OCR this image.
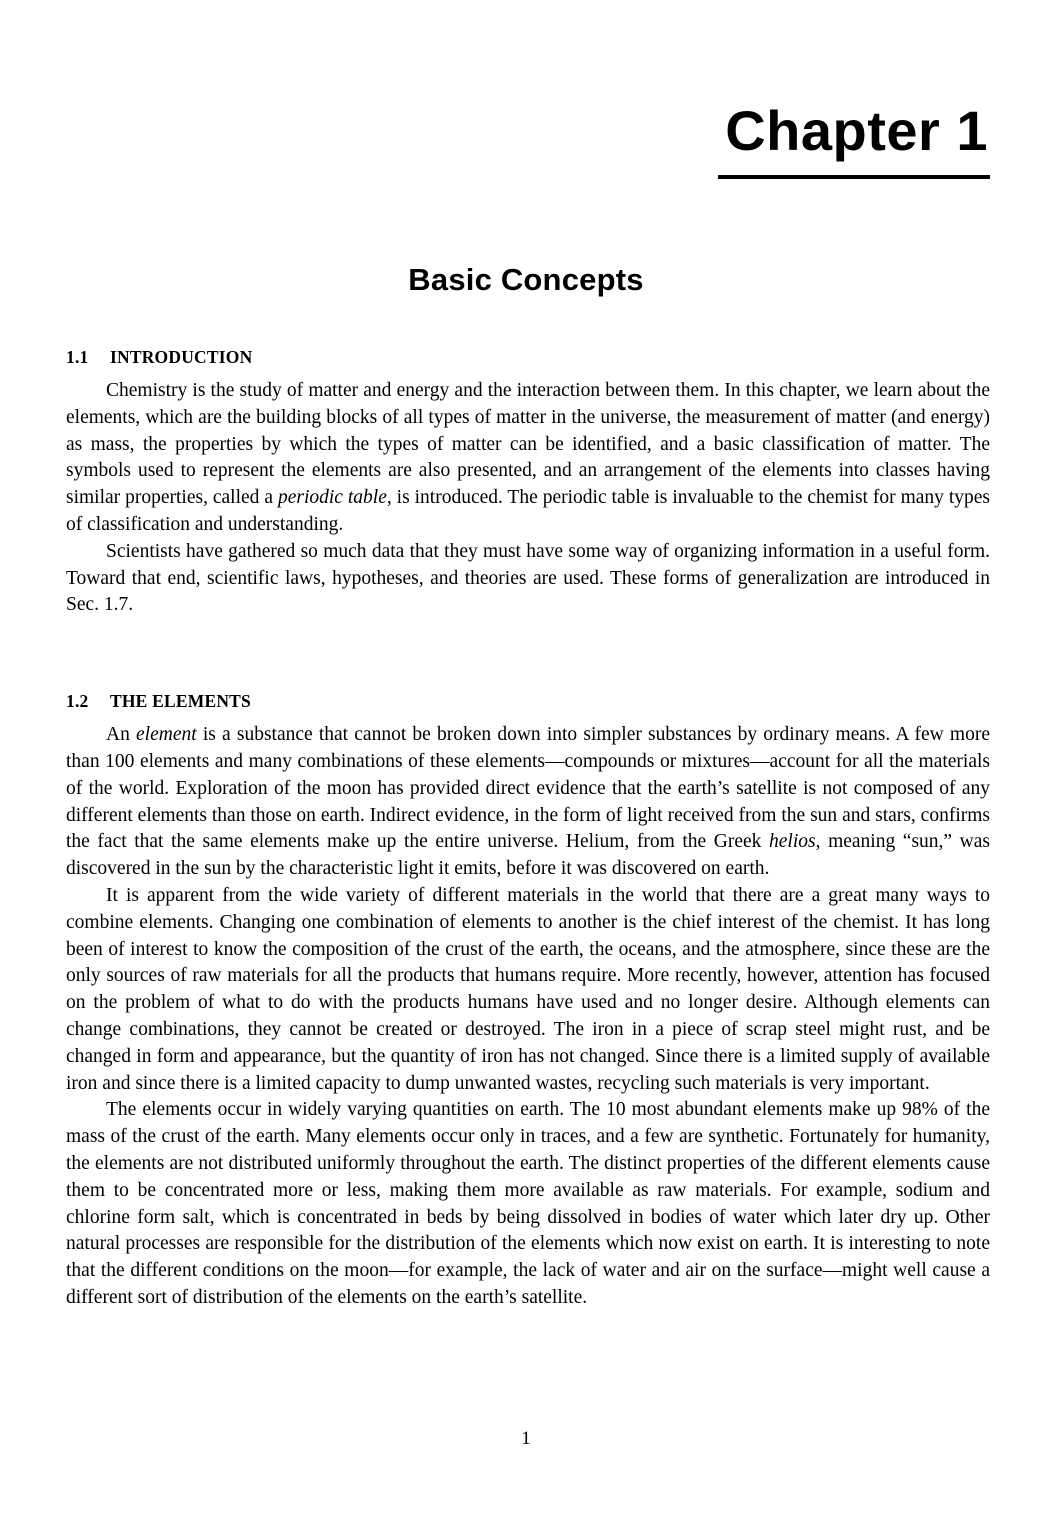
Chapter 1
Basic Concepts
1.1 INTRODUCTION

Chemistry is the study of matter and energy and the interaction between them. In this chapter, we learn about the elements, which are the building blocks of all types of matter in the universe, the measurement of matter (and energy) as mass, the properties by which the types of matter can be identified, and a basic classification of matter. The symbols used to represent the elements are also presented, and an arrangement of the elements into classes having similar properties, called a periodic table, is introduced. The periodic table is invaluable to the chemist for many types of classification and understanding.

Scientists have gathered so much data that they must have some way of organizing information in a useful form. Toward that end, scientific laws, hypotheses, and theories are used. These forms of generalization are introduced in Sec. 1.7.

1.2 THE ELEMENTS

An element is a substance that cannot be broken down into simpler substances by ordinary means. A few more than 100 elements and many combinations of these elements—compounds or mixtures—account for all the materials of the world. Exploration of the moon has provided direct evidence that the earth’s satellite is not composed of any different elements than those on earth. Indirect evidence, in the form of light received from the sun and stars, confirms the fact that the same elements make up the entire universe. Helium, from the Greek helios, meaning “sun,” was discovered in the sun by the characteristic light it emits, before it was discovered on earth.

It is apparent from the wide variety of different materials in the world that there are a great many ways to combine elements. Changing one combination of elements to another is the chief interest of the chemist. It has long been of interest to know the composition of the crust of the earth, the oceans, and the atmosphere, since these are the only sources of raw materials for all the products that humans require. More recently, however, attention has focused on the problem of what to do with the products humans have used and no longer desire. Although elements can change combinations, they cannot be created or destroyed. The iron in a piece of scrap steel might rust, and be changed in form and appearance, but the quantity of iron has not changed. Since there is a limited supply of available iron and since there is a limited capacity to dump unwanted wastes, recycling such materials is very important.

The elements occur in widely varying quantities on earth. The 10 most abundant elements make up 98% of the mass of the crust of the earth. Many elements occur only in traces, and a few are synthetic. Fortunately for humanity, the elements are not distributed uniformly throughout the earth. The distinct properties of the different elements cause them to be concentrated more or less, making them more available as raw materials. For example, sodium and chlorine form salt, which is concentrated in beds by being dissolved in bodies of water which later dry up. Other natural processes are responsible for the distribution of the elements which now exist on earth. It is interesting to note that the different conditions on the moon—for example, the lack of water and air on the surface—might well cause a different sort of distribution of the elements on the earth’s satellite.

1
